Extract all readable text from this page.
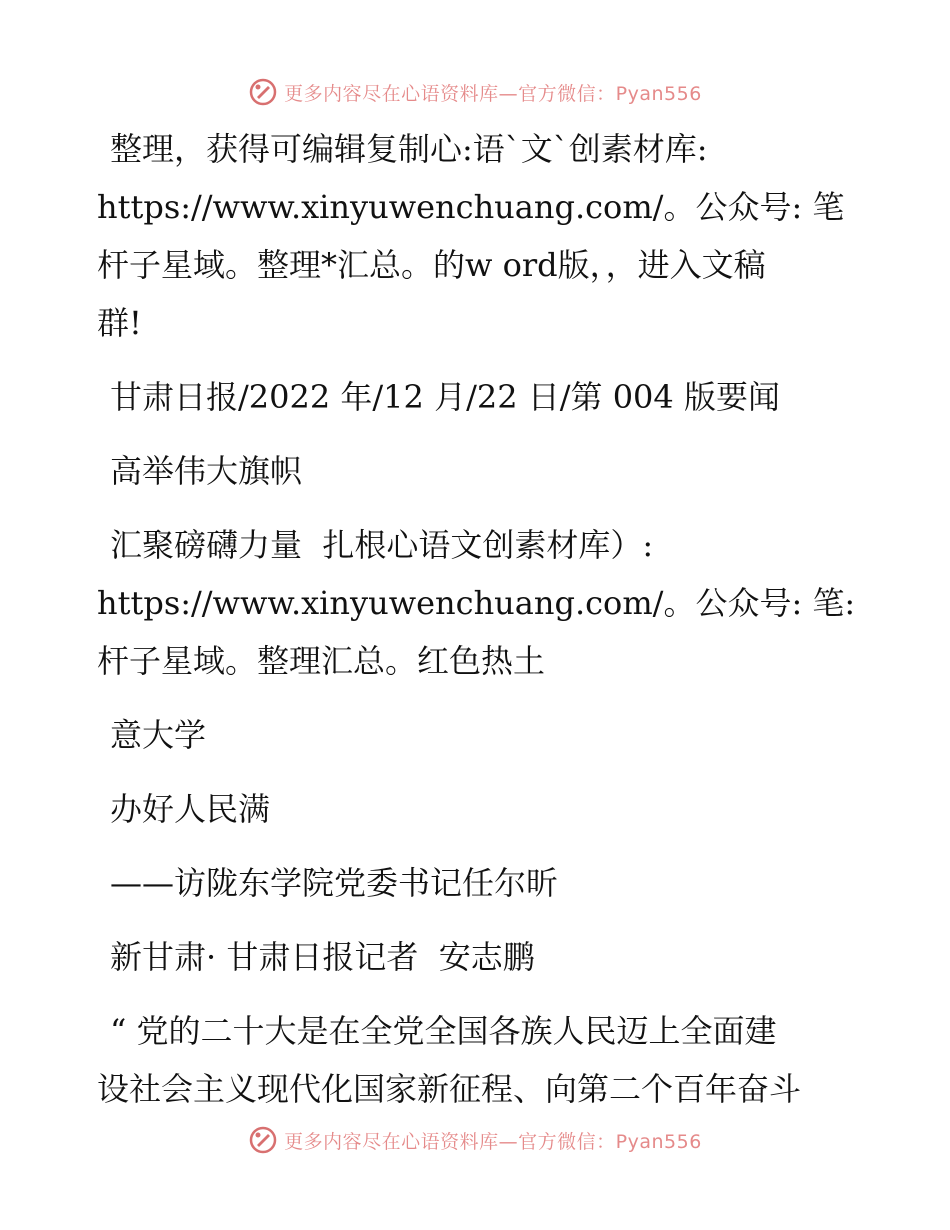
更多内容尽在心语资料库—官方微信：Pyan556

整理，获得可编辑复制心:语`文`创素材库:

https://www.xinyuwenchuang.com/。公众号: 笔

杆子星域。整理*汇总。的w ord版，，进入文稿

群!

甘肃日报/2022 年/12 月/22 日/第 004 版要闻

高举伟大旗帜

汇聚磅礴力量  扎根心语文创素材库）:

https://www.xinyuwenchuang.com/。公众号: 笔:

杆子星域。整理汇总。红色热土

意大学

办好人民满

——访陇东学院党委书记任尔昕

新甘肃· 甘肃日报记者  安志鹏

“ 党的二十大是在全党全国各族人民迈上全面建

设社会主义现代化国家新征程、向第二个百年奋斗

更多内容尽在心语资料库—官方微信：Pyan556
